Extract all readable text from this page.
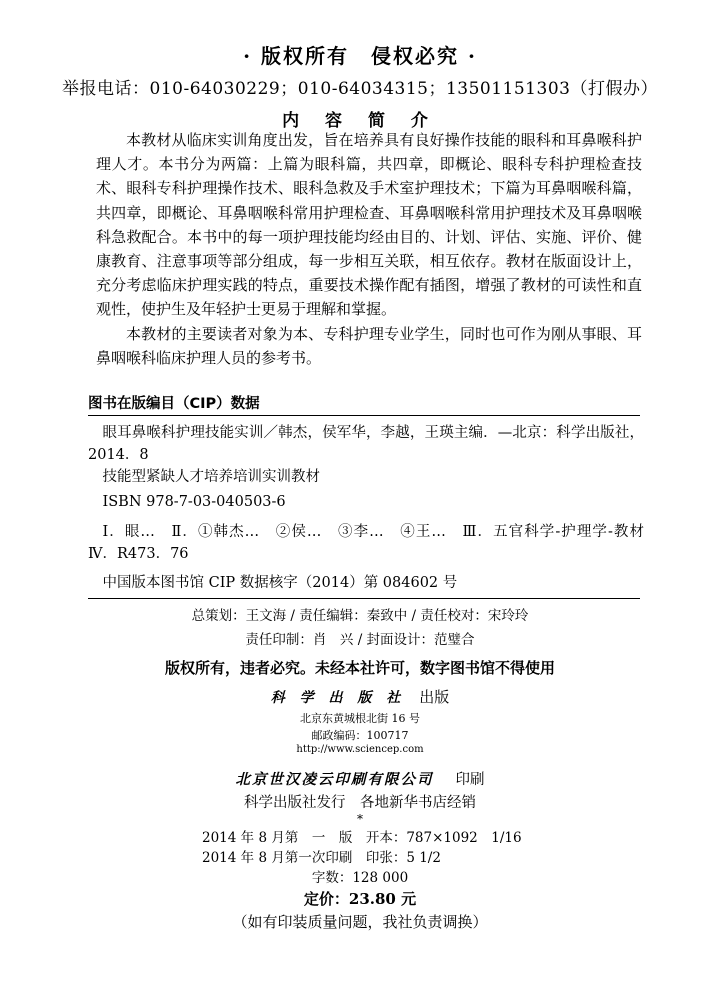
· 版权所有　侵权必究 ·
举报电话：010-64030229；010-64034315；13501151303（打假办）
内 容 简 介

本教材从临床实训角度出发，旨在培养具有良好操作技能的眼科和耳鼻喉科护理人才。本书分为两篇：上篇为眼科篇，共四章，即概论、眼科专科护理检查技术、眼科专科护理操作技术、眼科急救及手术室护理技术；下篇为耳鼻咽喉科篇，共四章，即概论、耳鼻咽喉科常用护理检查、耳鼻咽喉科常用护理技术及耳鼻咽喉科急救配合。本书中的每一项护理技能均经由目的、计划、评估、实施、评价、健康教育、注意事项等部分组成，每一步相互关联，相互依存。教材在版面设计上，充分考虑临床护理实践的特点，重要技术操作配有插图，增强了教材的可读性和直观性，使护生及年轻护士更易于理解和掌握。

本教材的主要读者对象为本、专科护理专业学生，同时也可作为刚从事眼、耳鼻咽喉科临床护理人员的参考书。

图书在版编目（CIP）数据

眼耳鼻喉科护理技能实训／韩杰，侯军华，李越，王瑛主编．—北京：科学出版社，2014．8

技能型紧缺人才培养培训实训教材

ISBN 978-7-03-040503-6

Ⅰ．眼…　Ⅱ．①韩杰…　②侯…　③李…　④王…　Ⅲ．五官科学-护理学-教材　Ⅳ．R473．76

中国版本图书馆 CIP 数据核字（2014）第 084602 号

总策划：王文海 / 责任编辑：秦致中 / 责任校对：宋玲玲
责任印制：肖　兴 / 封面设计：范璧合
版权所有，违者必究。未经本社许可，数字图书馆不得使用
科 学 出 版 社 出版
北京东黄城根北街 16 号
邮政编码：100717
http://www.sciencep.com
北京世汉凌云印刷有限公司 印刷
科学出版社发行　各地新华书店经销
*
2014 年 8 月第　一　版　开本：787×1092　1/16
2014 年 8 月第一次印刷　印张：5 1/2
字数：128 000
定价：23.80 元
（如有印装质量问题，我社负责调换）
